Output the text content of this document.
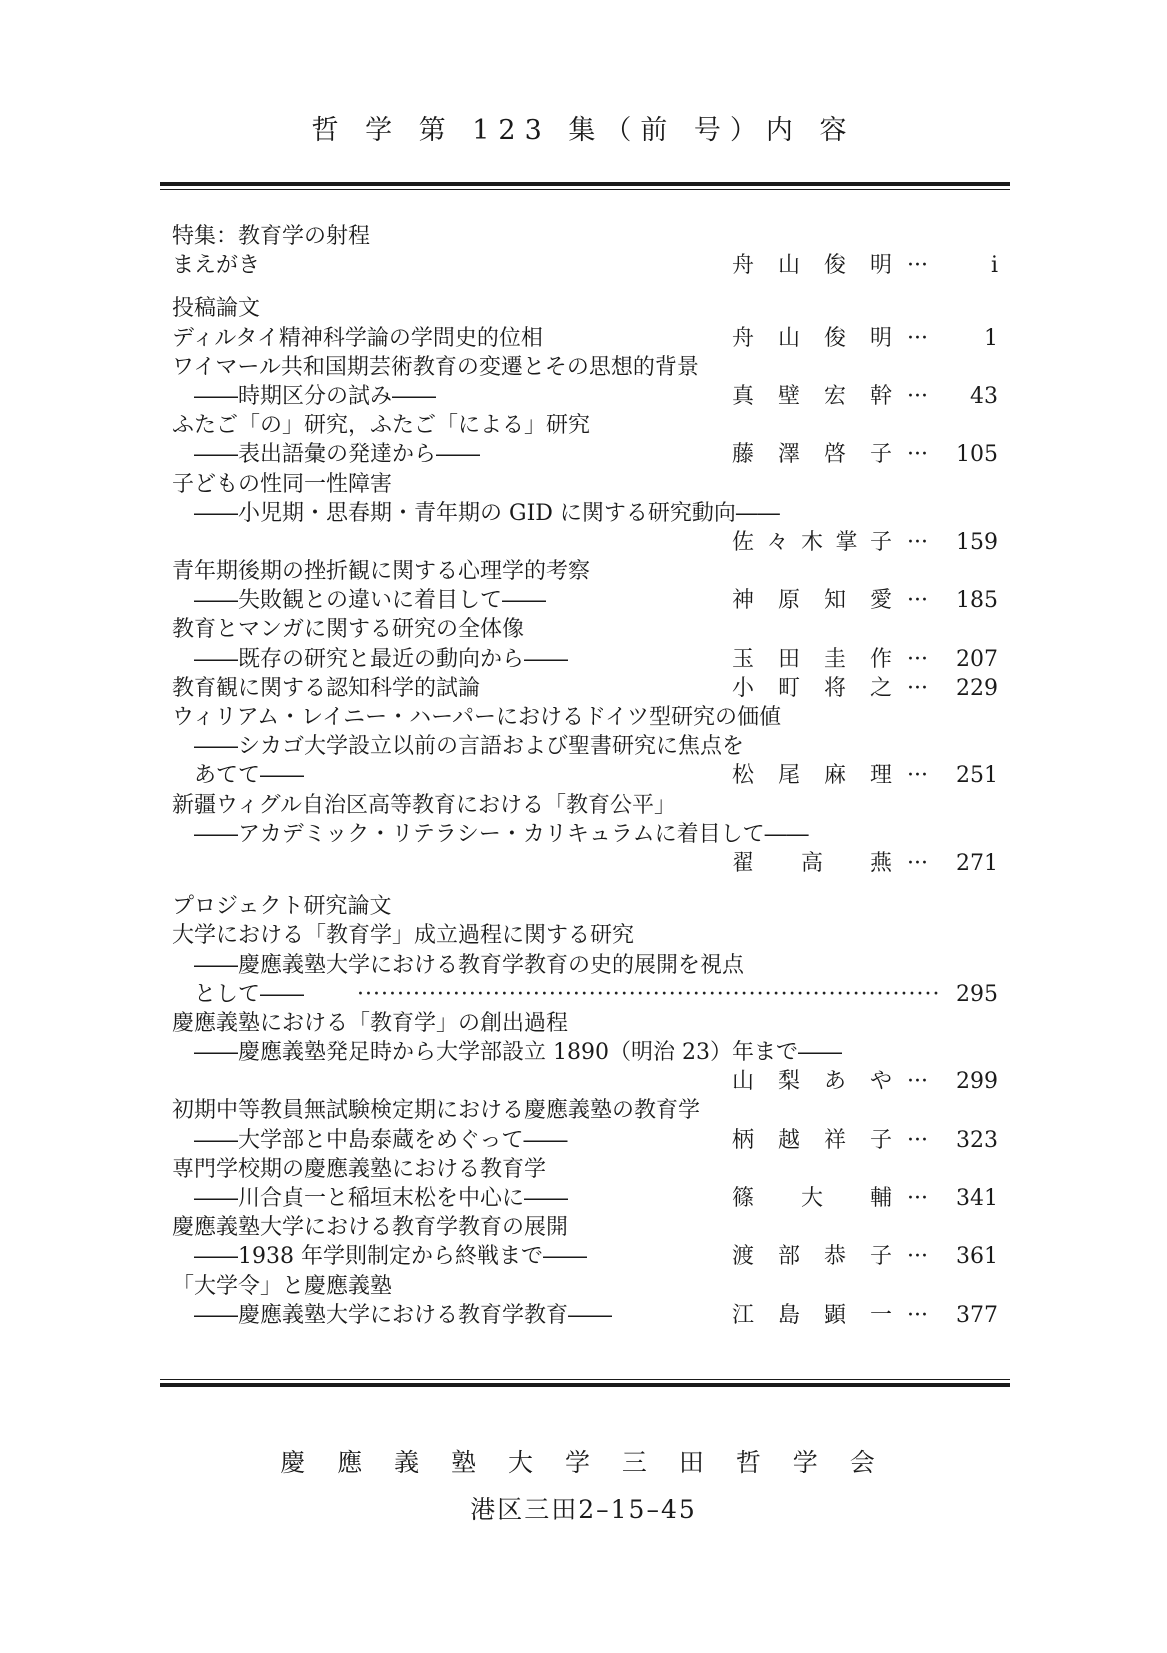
哲 学 第 123 集（前 号）内 容
特集：教育学の射程
まえがき	舟 山 俊 明 ···	i
投稿論文
ディルタイ精神科学論の学問史的位相	舟 山 俊 明 ···	1
ワイマール共和国期芸術教育の変遷とその思想的背景
――時期区分の試み――	真 壁 宏 幹 ··· 43
ふたご「の」研究，ふたご「による」研究
――表出語彙の発達から――	藤 澤 啓 子 ··· 105
子どもの性同一性障害
――小児期・思春期・青年期の GID に関する研究動向――
佐 々 木 掌 子 ··· 159
青年期後期の挫折観に関する心理学的考察
――失敗観との違いに着目して――	神 原 知 愛 ··· 185
教育とマンガに関する研究の全体像
――既存の研究と最近の動向から――	玉 田 圭 作 ··· 207
教育観に関する認知科学的試論	小 町 将 之 ··· 229
ウィリアム・レイニー・ハーパーにおけるドイツ型研究の価値
――シカゴ大学設立以前の言語および聖書研究に焦点を
あてて――	松 尾 麻 理 ··· 251
新疆ウィグル自治区高等教育における「教育公平」
――アカデミック・リテラシー・カリキュラムに着目して――
翟 高 燕 ··· 271
プロジェクト研究論文
大学における「教育学」成立過程に関する研究
――慶應義塾大学における教育学教育の史的展開を視点
として―― ········································································· 295
慶應義塾における「教育学」の創出過程
――慶應義塾発足時から大学部設立 1890（明治 23）年まで――
山 梨 あ や ··· 299
初期中等教員無試験検定期における慶應義塾の教育学
――大学部と中島泰蔵をめぐって――	柄 越 祥 子 ··· 323
専門学校期の慶應義塾における教育学
――川合貞一と稲垣末松を中心に――	篠 大 輔 ··· 341
慶應義塾大学における教育学教育の展開
――1938 年学則制定から終戦まで――	渡 部 恭 子 ··· 361
「大学令」と慶應義塾
――慶應義塾大学における教育学教育――	江 島 顕 一 ··· 377
慶 應 義 塾 大 学 三 田 哲 学 会
港区三田2–15–45
